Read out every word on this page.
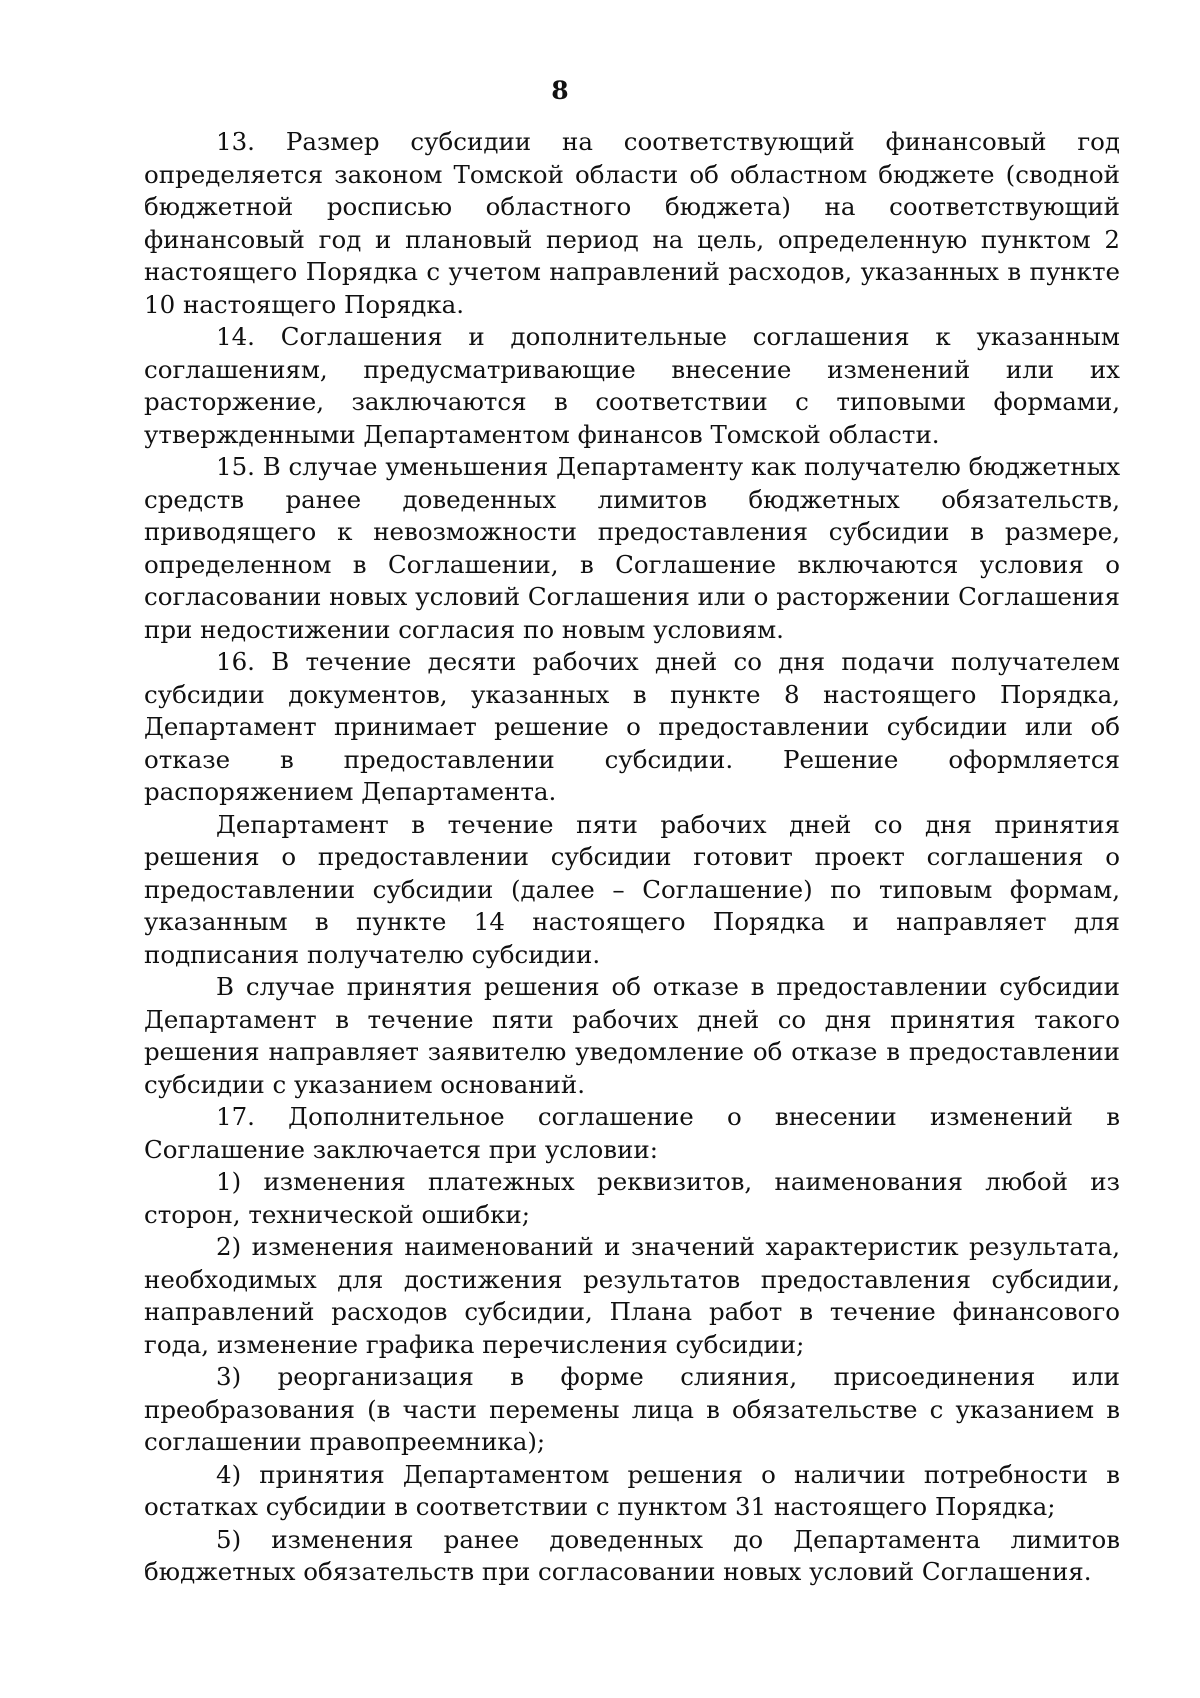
8

13. Размер субсидии на соответствующий финансовый год определяется законом Томской области об областном бюджете (сводной бюджетной росписью областного бюджета) на соответствующий финансовый год и плановый период на цель, определенную пунктом 2 настоящего Порядка с учетом направлений расходов, указанных в пункте 10 настоящего Порядка.

14. Соглашения и дополнительные соглашения к указанным соглашениям, предусматривающие внесение изменений или их расторжение, заключаются в соответствии с типовыми формами, утвержденными Департаментом финансов Томской области.

15. В случае уменьшения Департаменту как получателю бюджетных средств ранее доведенных лимитов бюджетных обязательств, приводящего к невозможности предоставления субсидии в размере, определенном в Соглашении, в Соглашение включаются условия о согласовании новых условий Соглашения или о расторжении Соглашения при недостижении согласия по новым условиям.

16. В течение десяти рабочих дней со дня подачи получателем субсидии документов, указанных в пункте 8 настоящего Порядка, Департамент принимает решение о предоставлении субсидии или об отказе в предоставлении субсидии. Решение оформляется распоряжением Департамента.

Департамент в течение пяти рабочих дней со дня принятия решения о предоставлении субсидии готовит проект соглашения о предоставлении субсидии (далее – Соглашение) по типовым формам, указанным в пункте 14 настоящего Порядка и направляет для подписания получателю субсидии.

В случае принятия решения об отказе в предоставлении субсидии Департамент в течение пяти рабочих дней со дня принятия такого решения направляет заявителю уведомление об отказе в предоставлении субсидии с указанием оснований.

17. Дополнительное соглашение о внесении изменений в Соглашение заключается при условии:

1) изменения платежных реквизитов, наименования любой из сторон, технической ошибки;

2) изменения наименований и значений характеристик результата, необходимых для достижения результатов предоставления субсидии, направлений расходов субсидии, Плана работ в течение финансового года, изменение графика перечисления субсидии;

3) реорганизация в форме слияния, присоединения или преобразования (в части перемены лица в обязательстве с указанием в соглашении правопреемника);

4) принятия Департаментом решения о наличии потребности в остатках субсидии в соответствии с пунктом 31 настоящего Порядка;

5) изменения ранее доведенных до Департамента лимитов бюджетных обязательств при согласовании новых условий Соглашения.
